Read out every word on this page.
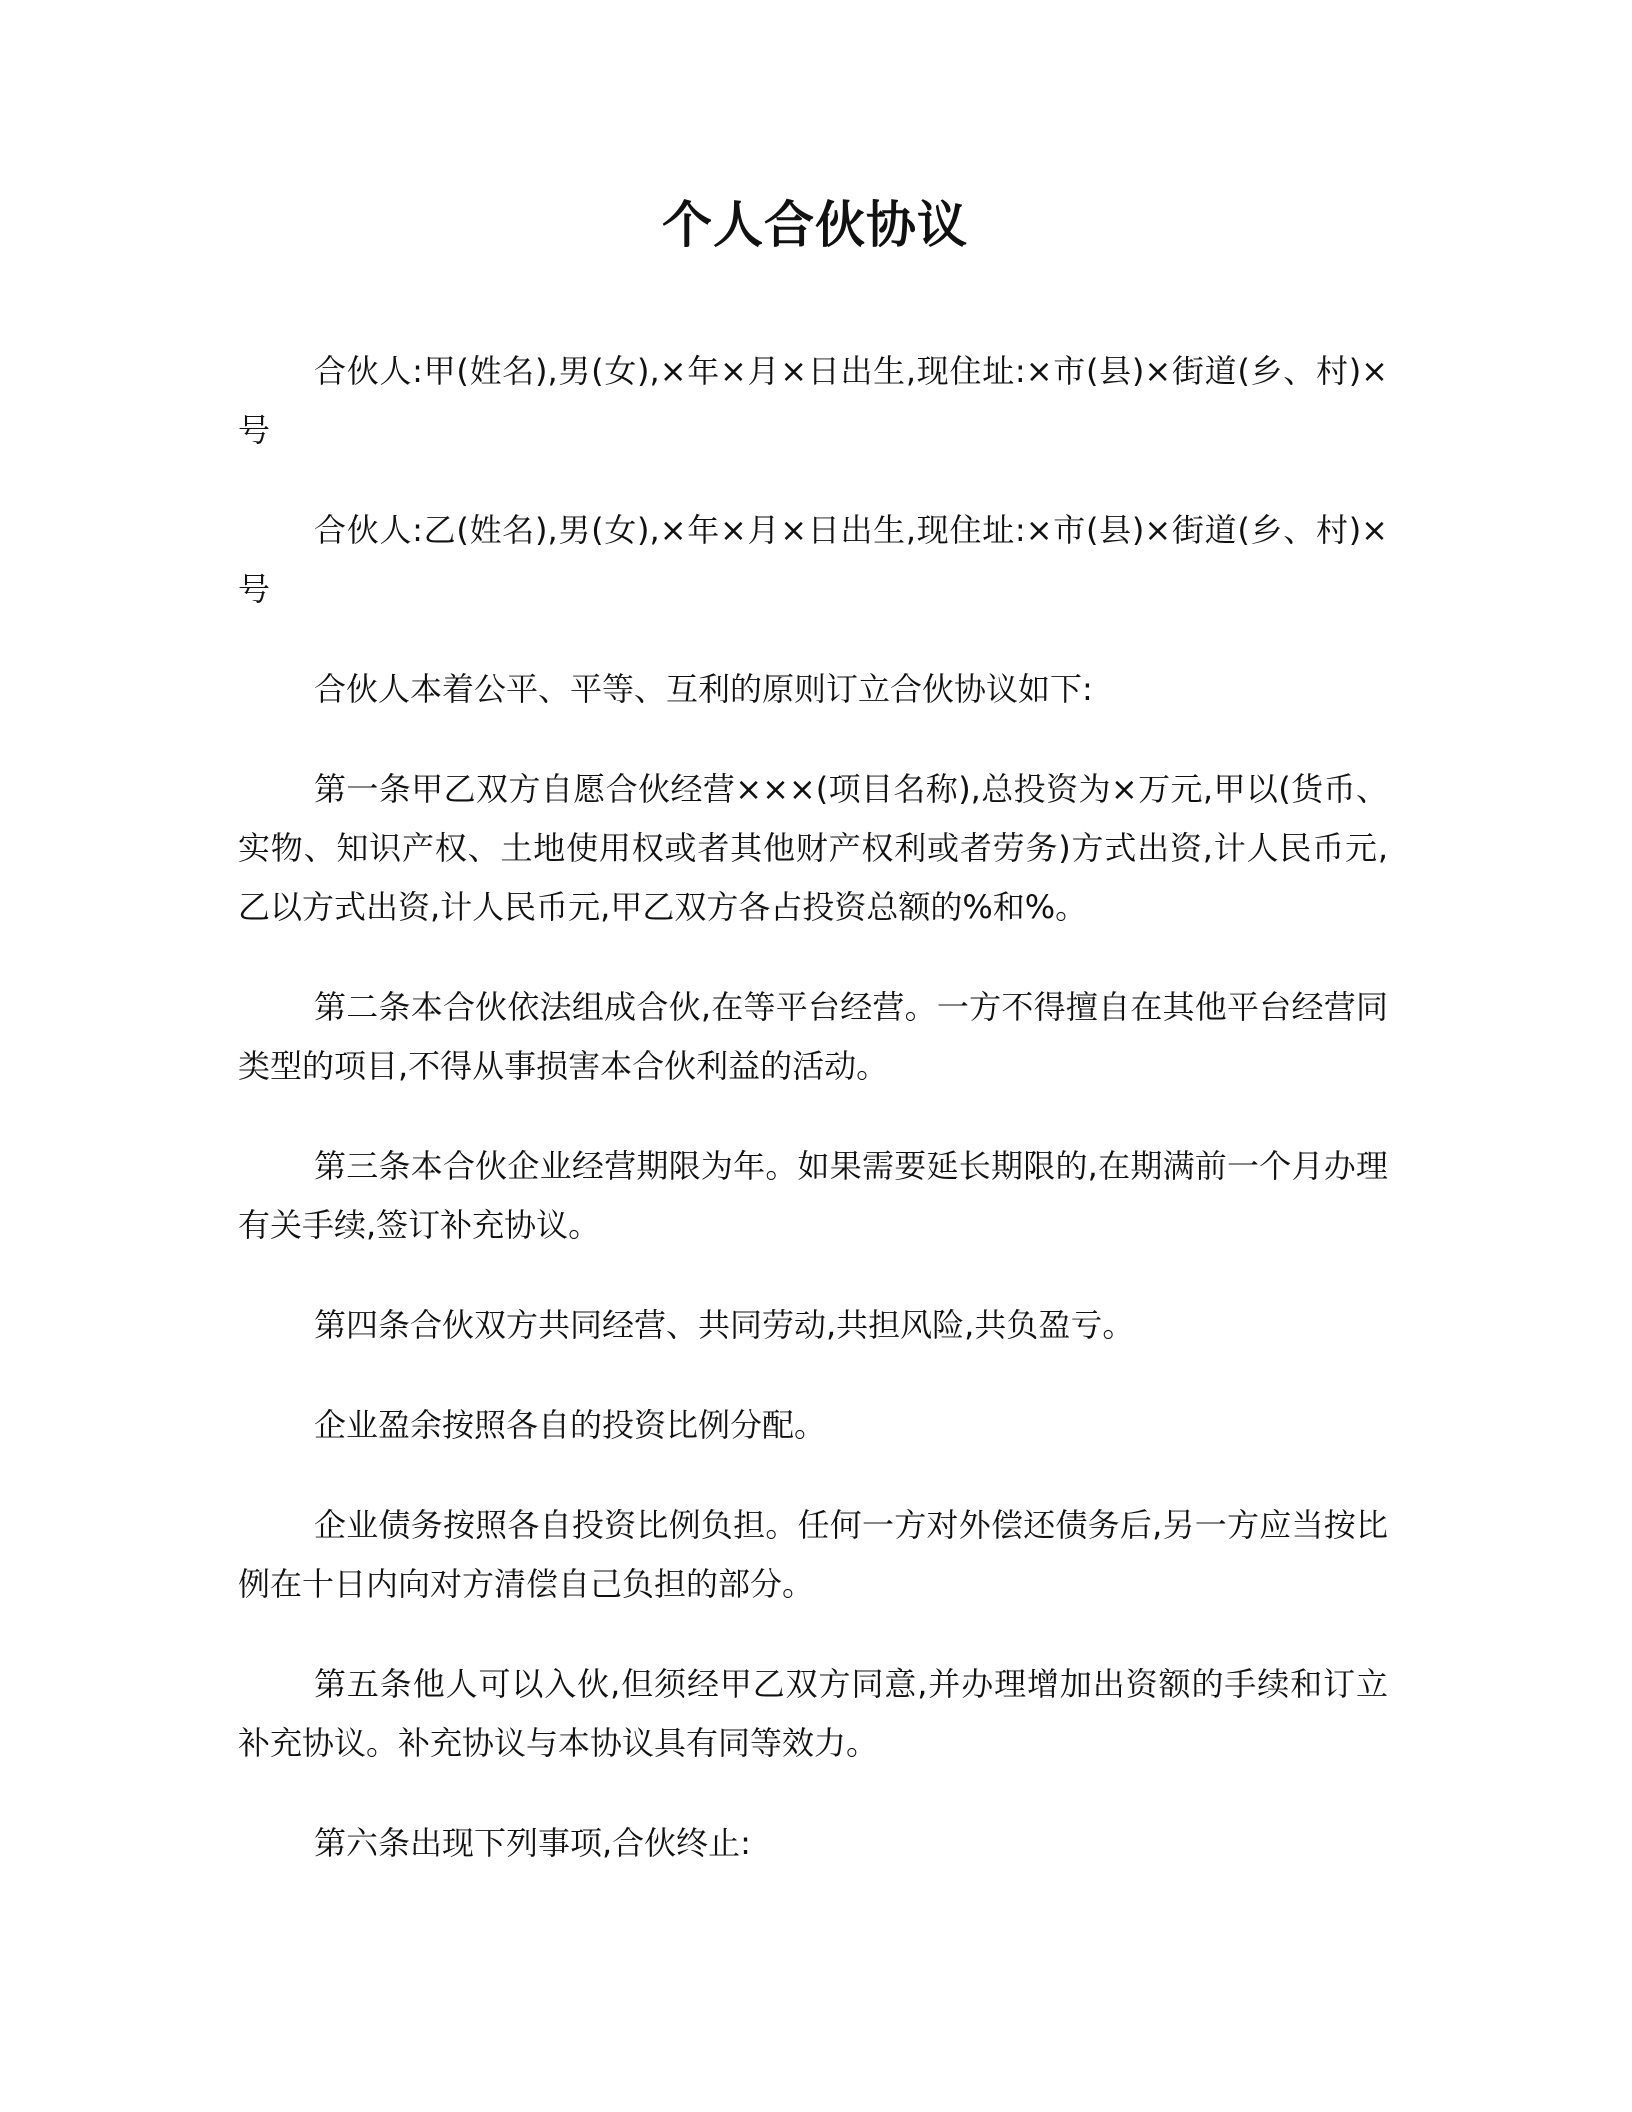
个人合伙协议

合伙人:甲(姓名),男(女),×年×月×日出生,现住址:×市(县)×街道(乡、村)×号

合伙人:乙(姓名),男(女),×年×月×日出生,现住址:×市(县)×街道(乡、村)×号

合伙人本着公平、平等、互利的原则订立合伙协议如下:

第一条甲乙双方自愿合伙经营×××(项目名称),总投资为×万元,甲以(货币、实物、知识产权、土地使用权或者其他财产权利或者劳务)方式出资,计人民币元,乙以方式出资,计人民币元,甲乙双方各占投资总额的%和%。

第二条本合伙依法组成合伙,在等平台经营。一方不得擅自在其他平台经营同类型的项目,不得从事损害本合伙利益的活动。

第三条本合伙企业经营期限为年。如果需要延长期限的,在期满前一个月办理有关手续,签订补充协议。

第四条合伙双方共同经营、共同劳动,共担风险,共负盈亏。

企业盈余按照各自的投资比例分配。

企业债务按照各自投资比例负担。任何一方对外偿还债务后,另一方应当按比例在十日内向对方清偿自己负担的部分。

第五条他人可以入伙,但须经甲乙双方同意,并办理增加出资额的手续和订立补充协议。补充协议与本协议具有同等效力。

第六条出现下列事项,合伙终止:
